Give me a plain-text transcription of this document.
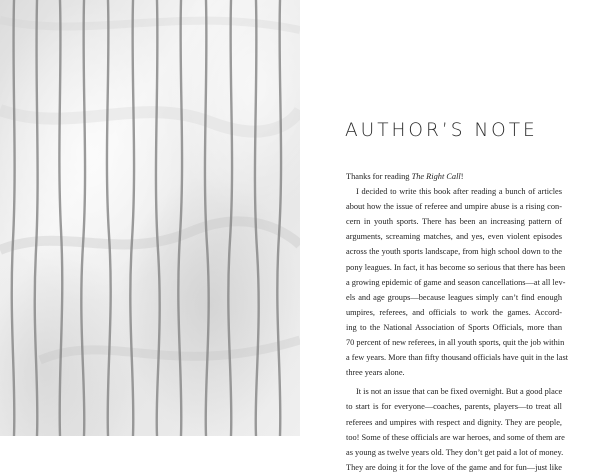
AUTHOR’S NOTE
Thanks for reading The Right Call!
I decided to write this book after reading a bunch of articles
about how the issue of referee and umpire abuse is a rising con-
cern in youth sports. There has been an increasing pattern of
arguments, screaming matches, and yes, even violent episodes
across the youth sports landscape, from high school down to the
pony leagues. In fact, it has become so serious that there has been
a growing epidemic of game and season cancellations—at all lev-
els and age groups—because leagues simply can’t find enough
umpires, referees, and officials to work the games. Accord-
ing to the National Association of Sports Officials, more than
70 percent of new referees, in all youth sports, quit the job within
a few years. More than fifty thousand officials have quit in the last
three years alone.
It is not an issue that can be fixed overnight. But a good place
to start is for everyone—coaches, parents, players—to treat all
referees and umpires with respect and dignity. They are people,
too! Some of these officials are war heroes, and some of them are
as young as twelve years old. They don’t get paid a lot of money.
They are doing it for the love of the game and for fun—just like
